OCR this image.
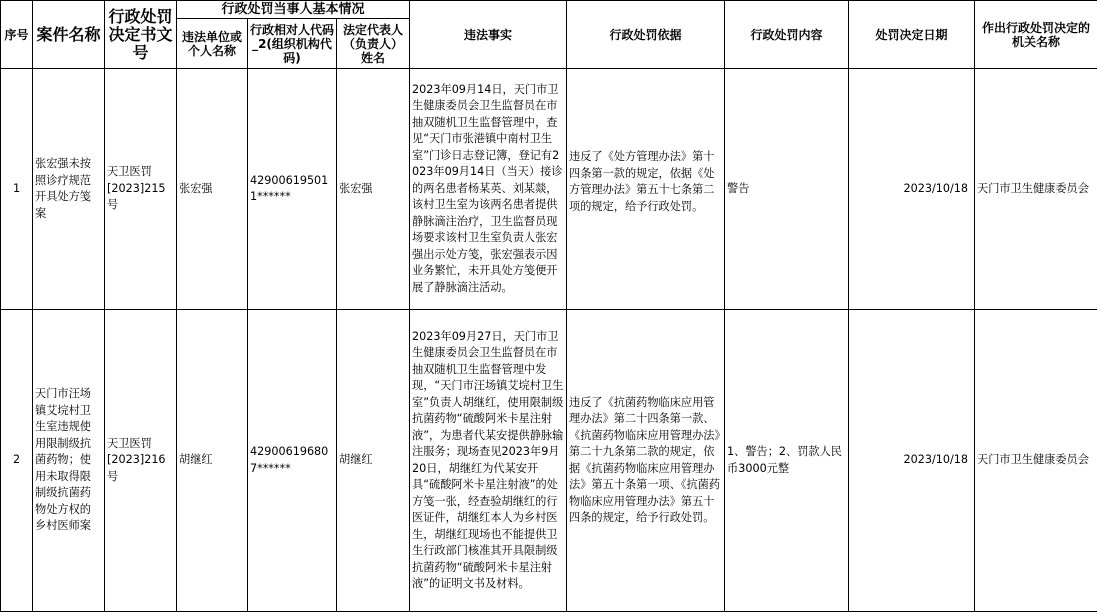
序号	案件名称	行政处罚决定书文号	行政处罚当事人基本情况			违法事实	行政处罚依据	行政处罚内容	处罚决定日期	作出行政处罚决定的机关名称
			违法单位或个人名称	行政相对人代码_2(组织机构代码)	法定代表人（负责人）姓名					
1	张宏强未按照诊疗规范开具处方笺案	天卫医罚[2023]215号	张宏强	429006195011******	张宏强	2023年09月14日，天门市卫生健康委员会卫生监督员在市抽双随机卫生监督管理中，查见“天门市张港镇中南村卫生室”门诊日志登记簿，登记有2023年09月14日（当天）接诊的两名患者杨某英、刘某燚，该村卫生室为该两名患者提供静脉滴注治疗，卫生监督员现场要求该村卫生室负责人张宏强出示处方笺，张宏强表示因业务繁忙，未开具处方笺便开展了静脉滴注活动。	违反了《处方管理办法》第十四条第一款的规定，依据《处方管理办法》第五十七条第二项的规定，给予行政处罚。	警告	2023/10/18	天门市卫生健康委员会
2	天门市汪场镇艾垸村卫生室违规使用限制级抗菌药物；使用未取得限制级抗菌药物处方权的乡村医师案	天卫医罚[2023]216号	胡继红	429006196807******	胡继红	2023年09月27日，天门市卫生健康委员会卫生监督员在市抽双随机卫生监督管理中发现，“天门市汪场镇艾垸村卫生室”负责人胡继红，使用限制级抗菌药物“硫酸阿米卡星注射液”，为患者代某安提供静脉输注服务；现场查见2023年9月20日，胡继红为代某安开具“硫酸阿米卡星注射液”的处方笺一张，经查验胡继红的行医证件，胡继红本人为乡村医生，胡继红现场也不能提供卫生行政部门核准其开具限制级抗菌药物“硫酸阿米卡星注射液”的证明文书及材料。	违反了《抗菌药物临床应用管理办法》第二十四条第一款、《抗菌药物临床应用管理办法》第二十九条第二款的规定，依据《抗菌药物临床应用管理办法》第五十条第一项、《抗菌药物临床应用管理办法》第五十四条的规定，给予行政处罚。	1、警告；2、罚款人民币3000元整	2023/10/18	天门市卫生健康委员会
